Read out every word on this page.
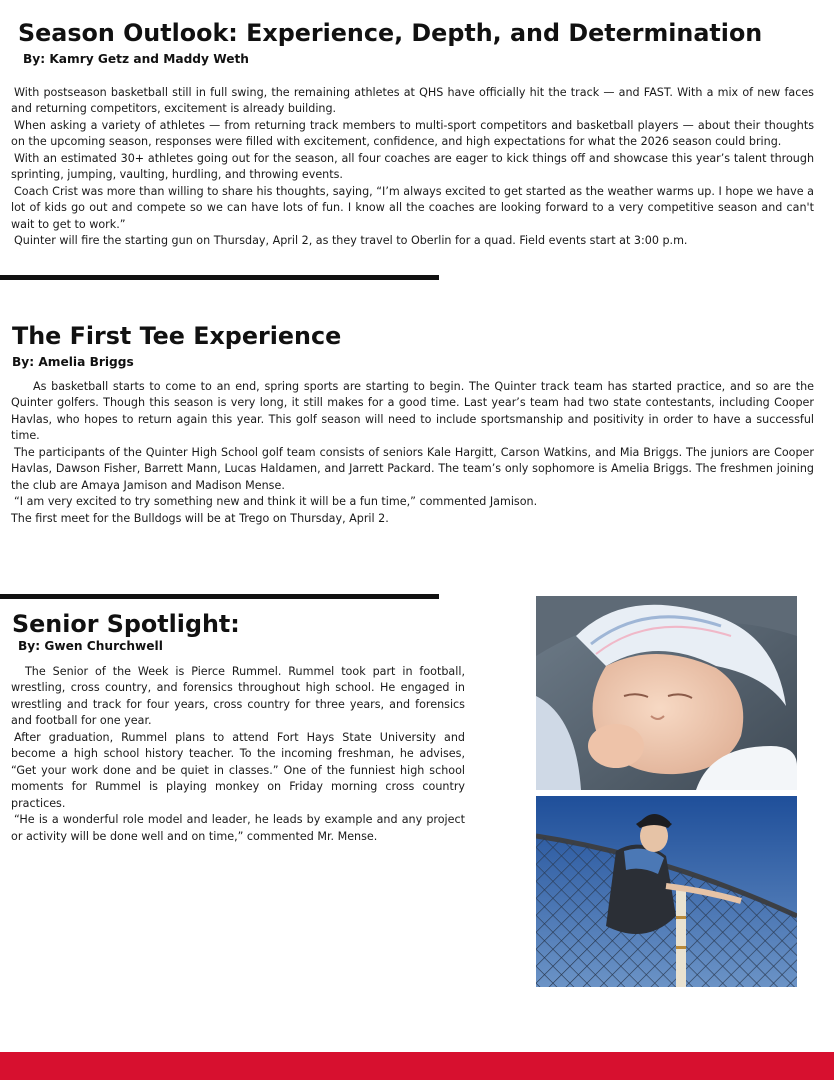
Season Outlook: Experience, Depth, and Determination
By: Kamry Getz and Maddy Weth

With postseason basketball still in full swing, the remaining athletes at QHS have officially hit the track — and FAST. With a mix of new faces and returning competitors, excitement is already building.

When asking a variety of athletes — from returning track members to multi-sport competitors and basketball players — about their thoughts on the upcoming season, responses were filled with excitement, confidence, and high expectations for what the 2026 season could bring.

With an estimated 30+ athletes going out for the season, all four coaches are eager to kick things off and showcase this year’s talent through sprinting, jumping, vaulting, hurdling, and throwing events.

Coach Crist was more than willing to share his thoughts, saying, “I’m always excited to get started as the weather warms up. I hope we have a lot of kids go out and compete so we can have lots of fun. I know all the coaches are looking forward to a very competitive season and can't wait to get to work.”

Quinter will fire the starting gun on Thursday, April 2, as they travel to Oberlin for a quad. Field events start at 3:00 p.m.

The First Tee Experience
By: Amelia Briggs

As basketball starts to come to an end, spring sports are starting to begin. The Quinter track team has started practice, and so are the Quinter golfers. Though this season is very long, it still makes for a good time. Last year’s team had two state contestants, including Cooper Havlas, who hopes to return again this year. This golf season will need to include sportsmanship and positivity in order to have a successful time.

The participants of the Quinter High School golf team consists of seniors Kale Hargitt, Carson Watkins, and Mia Briggs. The juniors are Cooper Havlas, Dawson Fisher, Barrett Mann, Lucas Haldamen, and Jarrett Packard. The team’s only sophomore is Amelia Briggs. The freshmen joining the club are Amaya Jamison and Madison Mense.

“I am very excited to try something new and think it will be a fun time,” commented Jamison.

The first meet for the Bulldogs will be at Trego on Thursday, April 2.

Senior Spotlight:
By: Gwen Churchwell

The Senior of the Week is Pierce Rummel. Rummel took part in football, wrestling, cross country, and forensics throughout high school. He engaged in wrestling and track for four years, cross country for three years, and forensics and football for one year.

After graduation, Rummel plans to attend Fort Hays State University and become a high school history teacher. To the incoming freshman, he advises, “Get your work done and be quiet in classes.” One of the funniest high school moments for Rummel is playing monkey on Friday morning cross country practices.

“He is a wonderful role model and leader, he leads by example and any project or activity will be done well and on time,” commented Mr. Mense.
